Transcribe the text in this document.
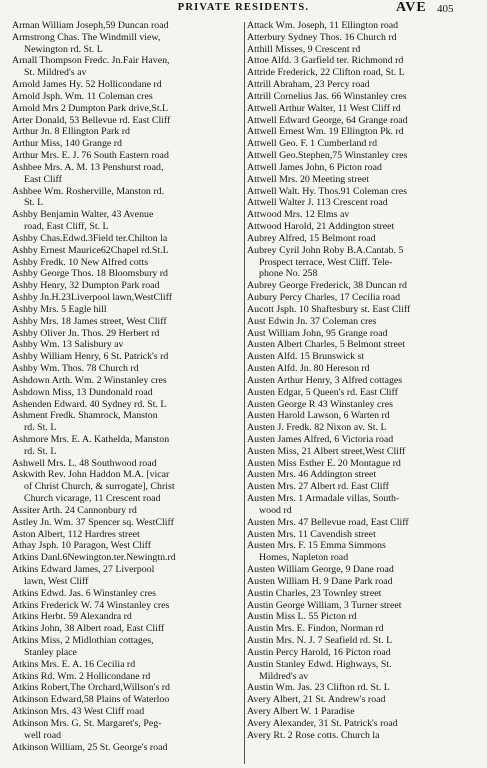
PRIVATE RESIDENTS.	AVE 405
Arman William Joseph,59 Duncan road
Armstrong Chas. The Windmill view,
Newington rd. St. L
Arnall Thompson Fredc. Jn.Fair Haven,
St. Mildred's av
Arnold James Hy. 52 Hollicondane rd
Arnold Jsph. Wm. 11 Coleman cres
Arnold Mrs 2 Dumpton Park drive,St.L
Arter Donald, 53 Bellevue rd. East Cliff
Arthur Jn. 8 Ellington Park rd
Arthur Miss, 140 Grange rd
Arthur Mrs. E. J. 76 South Eastern road
Ashbee Mrs. A. M. 13 Penshurst road,
East Cliff
Ashbee Wm. Rosherville, Manston rd.
St. L
Ashby Benjamin Walter, 43 Avenue
road, East Cliff, St. L
Ashby Chas.Edwd.3Field ter.Chilton la
Ashby Ernest Maurice62Chapel rd.St.L
Ashby Fredk. 10 New Alfred cotts
Ashby George Thos. 18 Bloomsbury rd
Ashby Henry, 32 Dumpton Park road
Ashby Jn.H.23Liverpool lawn,WestCliff
Ashby Mrs. 5 Eagle hill
Ashby Mrs. 18 James street, West Cliff
Ashby Oliver Jn. Thos. 29 Herbert rd
Ashby Wm. 13 Salisbury av
Ashby William Henry, 6 St. Patrick's rd
Ashby Wm. Thos. 78 Church rd
Ashdown Arth. Wm. 2 Winstanley cres
Ashdown Miss, 13 Dundonald road
Ashenden Edward. 40 Sydney rd. St. L
Ashment Fredk. Shamrock, Manston
rd. St. L
Ashmore Mrs. E. A. Kathelda, Manston
rd. St. L
Ashwell Mrs. L. 48 Southwood road
Askwith Rev. John Haddon M.A. [vicar
of Christ Church, & surrogate], Christ
Church vicarage, 11 Crescent road
Assiter Arth. 24 Cannonbury rd
Astley Jn. Wm. 37 Spencer sq. WestCliff
Aston Albert, 112 Hardres street
Athay Jsph. 10 Paragon, West Cliff
Atkins Danl.6Newington.ter.Newingtn.rd
Atkins Edward James, 27 Liverpool
lawn, West Cliff
Atkins Edwd. Jas. 6 Winstanley cres
Atkins Frederick W. 74 Winstanley cres
Atkins Herbt. 59 Alexandra rd
Atkins John, 38 Albert road, East Cliff
Atkins Miss, 2 Midlothian cottages,
Stanley place
Atkins Mrs. E. A. 16 Cecilia rd
Atkins Rd. Wm. 2 Hollicondane rd
Atkins Robert,The Orchard,Willson's rd
Atkinson Edward,58 Plains of Waterloo
Atkinson Mrs. 43 West Cliff road
Atkinson Mrs. G. St. Margaret's, Peg-
well road
Atkinson William, 25 St. George's road
Attack Wm. Joseph, 11 Ellington road
Atterbury Sydney Thos. 16 Church rd
Atthill Misses, 9 Crescent rd
Attoe Alfd. 3 Garfield ter. Richmond rd
Attride Frederick, 22 Clifton road, St. L
Attrill Abraham, 23 Percy road
Attrill Cornelius Jas. 66 Winstanley cres
Attwell Arthur Walter, 11 West Cliff rd
Attwell Edward George, 64 Grange road
Attwell Ernest Wm. 19 Ellington Pk. rd
Attwell Geo. F. 1 Cumberland rd
Attwell Geo.Stephen,75 Winstanley cres
Attwell James John, 6 Picton road
Attwell Mrs. 20 Meeting street
Attwell Walt. Hy. Thos.91 Coleman cres
Attwell Walter J. 113 Crescent road
Attwood Mrs. 12 Elms av
Attwood Harold, 21 Addington street
Aubrey Alfred, 15 Belmont road
Aubrey Cyril John Roby B.A.Cantab. 5
Prospect terrace, West Cliff. Tele-
phone No. 258
Aubrey George Frederick, 38 Duncan rd
Aubury Percy Charles, 17 Cecilia road
Aucott Jsph. 10 Shaftesbury st. East Cliff
Aust Edwin Jn. 37 Coleman cres
Aust William John, 95 Grange road
Austen Albert Charles, 5 Belmont street
Austen Alfd. 15 Brunswick st
Austen Alfd. Jn. 80 Hereson rd
Austen Arthur Henry, 3 Alfred cottages
Austen Edgar, 5 Queen's rd. East Cliff
Austen George R 43 Winstanley cres
Austen Harold Lawson, 6 Warten rd
Austen J. Fredk. 82 Nixon av. St. L
Austen James Alfred, 6 Victoria road
Austen Miss, 21 Albert street,West Cliff
Austen Miss Esther E. 20 Montague rd
Austen Mrs. 46 Addington street
Austen Mrs. 27 Albert rd. East Cliff
Austen Mrs. 1 Armadale villas, South-
wood rd
Austen Mrs. 47 Bellevue road, East Cliff
Austen Mrs. 11 Cavendish street
Austen Mrs. F. 15 Emma Simmons
Homes, Napleton road
Austen William George, 9 Dane road
Austen William H. 9 Dane Park road
Austin Charles, 23 Townley street
Austin George William, 3 Turner street
Austin Miss L. 55 Picton rd
Austin Mrs. E. Findon, Norman rd
Austin Mrs. N. J. 7 Seafield rd. St. L
Austin Percy Harold, 16 Picton road
Austin Stanley Edwd. Highways, St.
Mildred's av
Austin Wm. Jas. 23 Clifton rd. St. L
Avery Albert, 21 St. Andrew's road
Avery Albert W. 1 Paradise
Avery Alexander, 31 St. Patrick's road
Avery Rt. 2 Rose cotts. Church la
